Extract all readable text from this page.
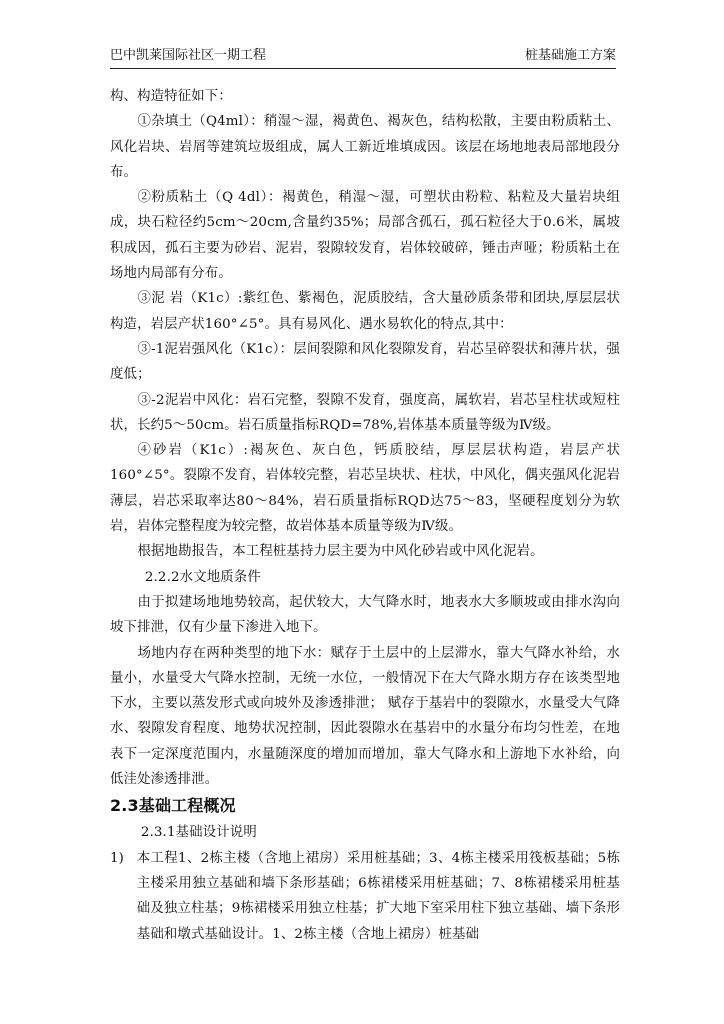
巴中凯莱国际社区一期工程	桩基础施工方案

构、构造特征如下：

①杂填土（Q4ml）：稍湿～湿，褐黄色、褐灰色，结构松散，主要由粉质粘土、风化岩块、岩屑等建筑垃圾组成，属人工新近堆填成因。该层在场地地表局部地段分布。

②粉质粘土（Q 4dl）：褐黄色，稍湿～湿，可塑状由粉粒、粘粒及大量岩块组成，块石粒径约5cm～20cm,含量约35%；局部含孤石，孤石粒径大于0.6米，属坡积成因，孤石主要为砂岩、泥岩，裂隙较发育，岩体较破碎，锤击声哑；粉质粘土在场地内局部有分布。

③泥 岩（K1c）:紫红色、紫褐色，泥质胶结，含大量砂质条带和团块,厚层层状构造，岩层产状160°∠5°。具有易风化、遇水易软化的特点,其中：

③-1泥岩强风化（K1c）：层间裂隙和风化裂隙发育，岩芯呈碎裂状和薄片状，强度低；

③-2泥岩中风化：岩石完整，裂隙不发育，强度高，属软岩，岩芯呈柱状或短柱状，长约5～50cm。岩石质量指标RQD=78%,岩体基本质量等级为Ⅳ级。

④砂岩（K1c）:褐灰色、灰白色，钙质胶结，厚层层状构造，岩层产状160°∠5°。裂隙不发育，岩体较完整，岩芯呈块状、柱状，中风化，偶夹强风化泥岩薄层，岩芯采取率达80～84%，岩石质量指标RQD达75～83，坚硬程度划分为软岩，岩体完整程度为较完整，故岩体基本质量等级为Ⅳ级。

根据地勘报告，本工程桩基持力层主要为中风化砂岩或中风化泥岩。

2.2.2水文地质条件

由于拟建场地地势较高，起伏较大，大气降水时，地表水大多顺坡或由排水沟向坡下排泄，仅有少量下渗进入地下。

场地内存在两种类型的地下水：赋存于土层中的上层滞水，靠大气降水补给，水量小，水量受大气降水控制，无统一水位，一般情况下在大气降水期方存在该类型地下水，主要以蒸发形式或向坡外及渗透排泄； 赋存于基岩中的裂隙水，水量受大气降水、裂隙发育程度、地势状况控制，因此裂隙水在基岩中的水量分布均匀性差，在地表下一定深度范围内，水量随深度的增加而增加，靠大气降水和上游地下水补给，向低洼处渗透排泄。

2.3基础工程概况

2.3.1基础设计说明

1) 本工程1、2栋主楼（含地上裙房）采用桩基础；3、4栋主楼采用筏板基础；5栋主楼采用独立基础和墙下条形基础；6栋裙楼采用桩基础；7、8栋裙楼采用桩基础及独立柱基；9栋裙楼采用独立柱基；扩大地下室采用柱下独立基础、墙下条形基础和墩式基础设计。1、2栋主楼（含地上裙房）桩基础
